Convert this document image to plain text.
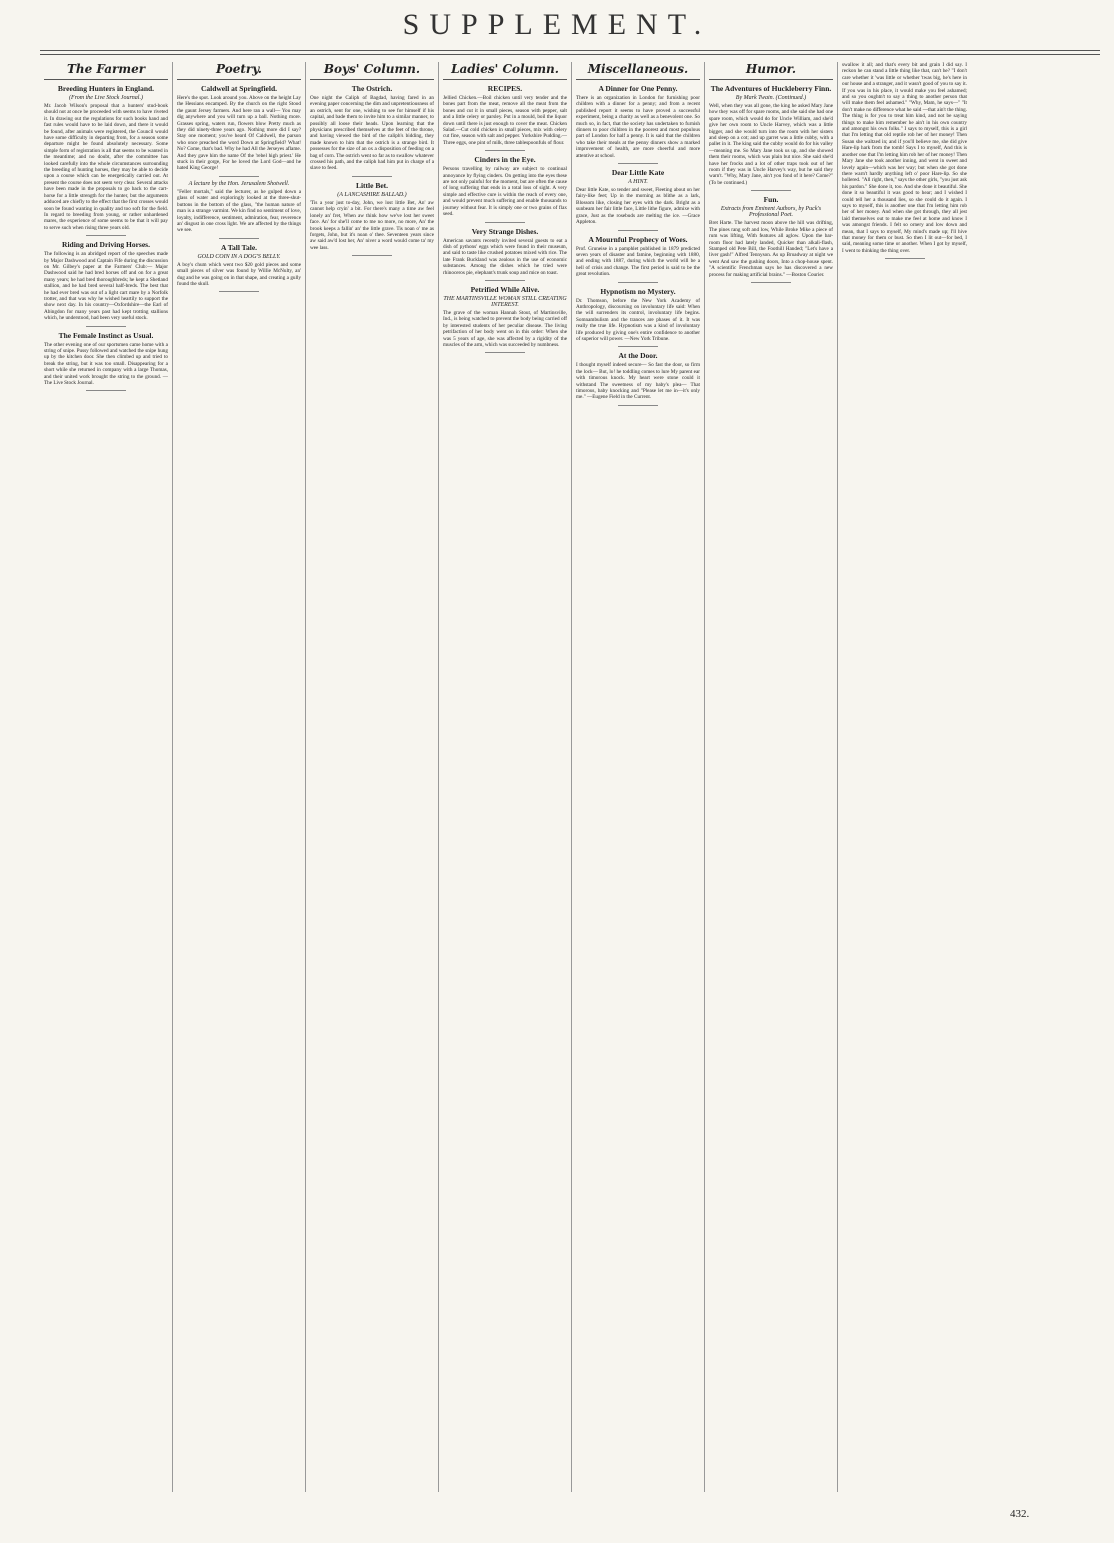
SUPPLEMENT.
The Farmer
Breeding Hunters in England.
(From the Live Stock Journal.)

Mr. Jacob Wilson's proposal that a hunters' stud-book should not at once be proceeded with seems to have riveted it. In drawing out the regulations for such books hand and fast rules would have to be laid down, and there it would be found, after animals were registered, the Council would have some difficulty in departing from, for a season some departure might be found absolutely necessary. Some simple form of registration is all that seems to be wanted in the meantime; and no doubt, after the committee has looked carefully into the whole circumstances surrounding the breeding of hunting horses, they may be able to decide upon a course which can be energetically carried out. At present the course does not seem very clear. Several attacks have been made in the proposals to go back to the cart-horse for a little strength for the hunter, but the arguments adduced are chiefly to the effect that the first crosses would soon be found wanting in quality and too soft for the field. In regard to breeding from young, or rather unhardened mares, the experience of some seems to be that it will pay to serve such when rising three years old.

Riding and Driving Horses.

The following is an abridged report of the speeches made by Major Dashwood and Captain Fife during the discussion on Mr. Gilbey's paper at the Farmers' Club:— Major Dashwood said he had bred horses off and on for a great many years; he had bred thoroughbreds; he kept a Shetland stallion, and he had bred several half-breds. The best that he had ever bred was out of a light cart mare by a Norfolk trotter, and that was why he wished heartily to support the show next day. In his country—Oxfordshire—the Earl of Abingdon for many years past had kept trotting stallions which, he understood, had been very useful stock.

The Female Instinct as Usual.

The other evening one of our sportsmen came home with a string of snipe. Pussy followed and watched the snipe hung up by the kitchen door. She then climbed up and tried to break the string, but it was too small. Disappearing for a short while she returned in company with a large Thomas, and their united work brought the string to the ground. —The Live Stock Journal.

Poetry.
Caldwell at Springfield.

Here's the spot. Look around you. Above on the height Lay the Hessians encamped. By the church on the right Stood the gaunt Jersey farmers. And here ran a wall— You may dig anywhere and you will turn up a ball. Nothing more. Grasses spring, waters run, flowers blow Pretty much as they did ninety-three years ago. Nothing more did I say? Stay one moment; you've heard Of Caldwell, the parson who once preached the word Down at Springfield? What! No? Come, that's bad. Why he had All the Jerseyes aflame. And they gave him the name Of the 'rebel high priest.' He stuck in their gorge, For he loved the Lord God—and he hated King George!

A lecture by the Hon. Jerusalem Shotwell.

"Feller mortals," said the lecturer, as he gulped down a glass of water and exploringly looked at the three-shut-buttons in the bottom of the glass, "the human nature of man is a strange varmint. We kin find no sentiment of love, loyalty, indifference, sentiment, admiration, fear, reverence an' disgust in one cross light. We are affected by the things we see.

A Tall Tale.
GOLD COIN IN A DOG'S BELLY.

A boy's chum which went two $20 gold pieces and some small pieces of silver was found by Willie McNulty, an' dug and he was going on in that shape, and creating a gully found the skull.

Boys' Column.
The Ostrich.

One night the Caliph of Bagdad, having fared in an evening paper concerning the dim and unpretentiousness of an ostrich, sent for one, wishing to see for himself if his capital, and bade them to invite him to a similar manner, to possibly all loose their heads. Upon learning that the physicians prescribed themselves at the feet of the throne, and having viewed the bird of the caliph's bidding, they made known to him that the ostrich is a strange bird. It possesses for the size of an ox a disposition of feeding on a bag of corn. The ostrich went so far as to swallow whatever crossed his path, and the caliph had him put in charge of a slave to feed.

Little Bet.
(A LANCASHIRE BALLAD.)

'Tis a year just to-day, John, we lost little Bet, An' aw cannot help cryin' a bit. For there's many a time aw feel lonely an' fret, When aw think how we've lost her sweet face. An' for she'll come to me no more, no more, An' the brook keeps a fallin' an' the little grave. Tis noan o' me as forgets, John, but it's noan o' thee. Seventeen years since aw said aw'd lost her, An' niver a word would come ta' my wee lass.

Ladies' Column.
RECIPES.

Jellied Chicken.—Boil chicken until very tender and the bones part from the meat, remove all the meat from the bones and cut it in small pieces, season with pepper, salt and a little celery or parsley. Put in a mould, boil the liquor down until there is just enough to cover the meat. Chicken Salad.—Cut cold chicken in small pieces, mix with celery cut fine, season with salt and pepper. Yorkshire Pudding.—Three eggs, one pint of milk, three tablespoonfuls of flour.

Cinders in the Eye.

Persons travelling by railway are subject to continual annoyance by flying cinders. On getting into the eyes these are not only painful for the moment, but are often the cause of long suffering that ends in a total loss of sight. A very simple and effective cure is within the reach of every one, and would prevent much suffering and enable thousands to journey without fear. It is simply one or two grains of flax seed.

Very Strange Dishes.

American savants recently invited several guests to eat a dish of pythons' eggs which were found in their museum, and said to taste like crushed potatoes mixed with rice. The late Frank Buckland was zealous in the use of economic substances. Among the dishes which he tried were rhinoceros pie, elephant's trunk soup and mice on toast.

Petrified While Alive.
THE MARTINSVILLE WOMAN STILL CREATING INTEREST.

The grave of the woman Hannah Stout, of Martinsville, Ind., is being watched to prevent the body being carried off by interested students of her peculiar disease. The living petrifaction of her body went on in this order: When she was 5 years of age, she was affected by a rigidity of the muscles of the arm, which was succeeded by numbness.

Miscellaneous.
A Dinner for One Penny.

There is an organization in London for furnishing poor children with a dinner for a penny; and from a recent published report it seems to have proved a successful experiment, being a charity as well as a benevolent one. So much so, in fact, that the society has undertaken to furnish dinners to poor children in the poorest and most populous part of London for half a penny. It is said that the children who take their meals at the penny dinners show a marked improvement of health, are more cheerful and more attentive at school.

Dear Little Kate
A HINT.

Dear little Kate, so tender and sweet, Fleeting about on her fairy-like feet; Up in the morning as blithe as a lark, Blossom like, closing her eyes with the dark. Bright as a sunbeam her fair little face, Little lithe figure, admixe with grace, Just as the rosebuds are melting the ice. —Grace Appleton.

A Mournful Prophecy of Woes.

Prof. Gruneise in a pamphlet published in 1879 predicted seven years of disaster and famine, beginning with 1880, and ending with 1887, during which the world will be a hell of crisis and change. The first period is said to be the great revolution.

Hypnotism no Mystery.

Dr. Thomson, before the New York Academy of Anthropology, discoursing on involuntary life said: When the will surrenders its control, involuntary life begins. Somnambulism and the trances are phases of it. It was really the true life. Hypnotism was a kind of involuntary life produced by giving one's entire confidence to another of superior will power. —New York Tribune.

At the Door.

I thought myself indeed secure— So fast the door, so firm the lock— But, lo! he toddling comes to lure My parent ear with timorous knock. My heart were stone could it withstand The sweetness of my baby's plea— That timorous, baby knocking and "Please let me in—it's only me." —Eugene Field in the Current.

Humor.
The Adventures of Huckleberry Finn.
By Mark Twain. (Continued.)

Well, when they was all gone, the king he asked Mary Jane how they was off for spare rooms, and she said she had one spare room, which would do for Uncle William, and she'd give her own room to Uncle Harvey, which was a little bigger, and she would turn into the room with her sisters and sleep on a cot; and up garret was a little cubby, with a pallet in it. The king said the cubby would do for his valley—meaning me. So Mary Jane took us up, and she showed them their rooms, which was plain but nice. She said she'd have her frocks and a lot of other traps took out of her room if they was in Uncle Harvey's way, but he said they warn't. "Why, Mary Jane, ain't you fond of it here? Come?" (To be continued.)

Fun.
Extracts from Eminent Authors, by Puck's Professional Poet.

Bret Harte. The harvest moon above the hill was drifting, The pines rang soft and low, While Broke Mike a piece of rum was lifting, With features all aglow. Upon the bar-room floor had lately landed, Quicker than alkali-flash, Stamped old Pete Bill, the Foothill Handed; "Let's have a liver gash!" Alfred Tennyson. As up Broadway at night we went And saw the gushing doors, Into a chop-house spent. "A scientific Frenchman says he has discovered a new process for making artificial brains." —Boston Courier.

swallow it all; and that's every bit and grain I did say. I reckon he can stand a little thing like that, can't he? "I don't care whether it 'was little or whether 'twas big, he's here in our house and a stranger, and it wasn't good of you to say it. If you was in his place, it would make you feel ashamed; and so you oughtn't to say a thing to another person that will make them feel ashamed." "Why, Mam, he says—" "It don't make no difference what he said —that ain't the thing. The thing is for you to treat him kind, and not be saying things to make him remember he ain't in his own country and amongst his own folks." I says to myself, this is a girl that I'm letting that old reptile rob her of her money! Then Susan she waltzed in; and if you'll believe me, she did give Hare-lip hark from the tomb! Says I to myself, And this is another one that I'm letting him rob her of her money! Then Mary Jane she took another inning, and went in sweet and lovely again—which was her way; but when she got done there warn't hardly anything left o' poor Hare-lip. So she hollered. "All right, then," says the other girls, "you just ask his pardon." She done it, too. And she done it beautiful. She done it so beautiful it was good to hear; and I wished I could tell her a thousand lies, so she could do it again. I says to myself, this is another one that I'm letting him rob her of her money. And when she got through, they all jest laid themselves out to make me feel at home and know I was amongst friends. I felt so ornery and low down and mean, that I says to myself, My mind's made up; I'll hive that money for them or bust. So then I lit out—for bed, I said, meaning some time or another. When I got by myself, I went to thinking the thing over.

432.
